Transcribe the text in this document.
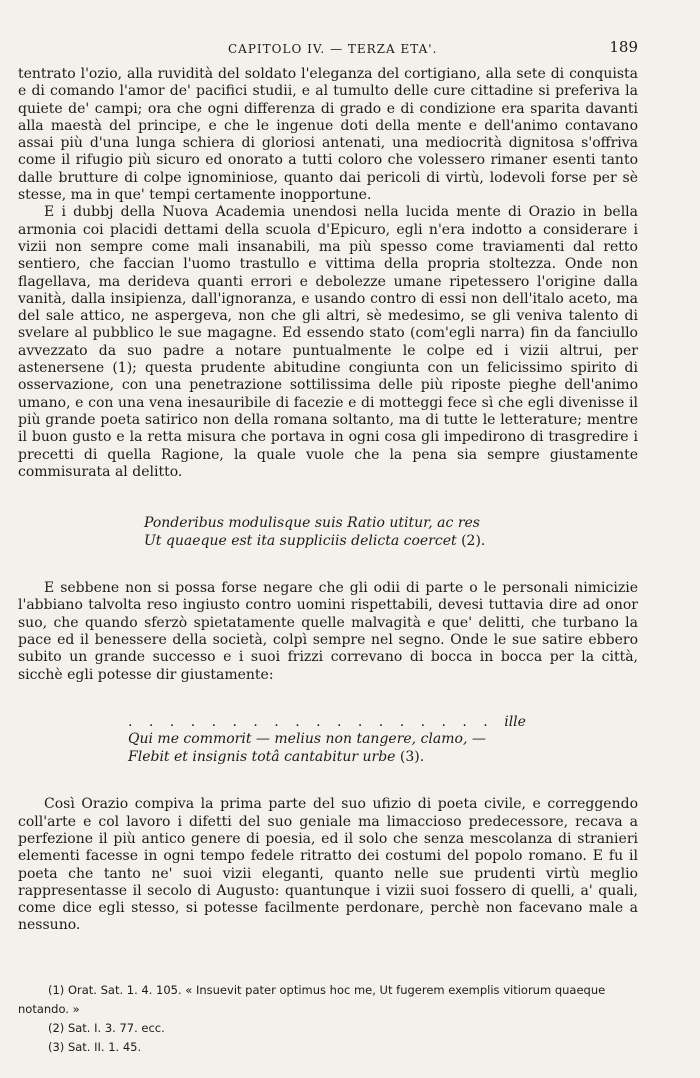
CAPITOLO IV. — TERZA ETA'.	189

tentrato l'ozio, alla ruvidità del soldato l'eleganza del cortigiano, alla sete di conquista e di comando l'amor de' pacifici studii, e al tumulto delle cure cittadine si preferiva la quiete de' campi; ora che ogni differenza di grado e di condizione era sparita davanti alla maestà del principe, e che le ingenue doti della mente e dell'animo contavano assai più d'una lunga schiera di gloriosi antenati, una mediocrità dignitosa s'offriva come il rifugio più sicuro ed onorato a tutti coloro che volessero rimaner esenti tanto dalle brutture di colpe ignominiose, quanto dai pericoli di virtù, lodevoli forse per sè stesse, ma in que' tempi certamente inopportune.

E i dubbj della Nuova Academia unendosi nella lucida mente di Orazio in bella armonia coi placidi dettami della scuola d'Epicuro, egli n'era indotto a considerare i vizii non sempre come mali insanabili, ma più spesso come traviamenti dal retto sentiero, che faccian l'uomo trastullo e vittima della propria stoltezza. Onde non flagellava, ma derideva quanti errori e debolezze umane ripetessero l'origine dalla vanità, dalla insipienza, dall'ignoranza, e usando contro di essi non dell'italo aceto, ma del sale attico, ne aspergeva, non che gli altri, sè medesimo, se gli veniva talento di svelare al pubblico le sue magagne. Ed essendo stato (com'egli narra) fin da fanciullo avvezzato da suo padre a notare puntualmente le colpe ed i vizii altrui, per astenersene (1); questa prudente abitudine congiunta con un felicissimo spirito di osservazione, con una penetrazione sottilissima delle più riposte pieghe dell'animo umano, e con una vena inesauribile di facezie e di motteggi fece sì che egli divenisse il più grande poeta satirico non della romana soltanto, ma di tutte le letterature; mentre il buon gusto e la retta misura che portava in ogni cosa gli impedirono di trasgredire i precetti di quella Ragione, la quale vuole che la pena sia sempre giustamente commisurata al delitto.

Ponderibus modulisque suis Ratio utitur, ac res

Ut quaeque est ita suppliciis delicta coercet (2).

E sebbene non si possa forse negare che gli odii di parte o le personali nimicizie l'abbiano talvolta reso ingiusto contro uomini rispettabili, devesi tuttavia dire ad onor suo, che quando sferzò spietatamente quelle malvagità e que' delitti, che turbano la pace ed il benessere della società, colpì sempre nel segno. Onde le sue satire ebbero subito un grande successo e i suoi frizzi correvano di bocca in bocca per la città, sicchè egli potesse dir giustamente:

. . . . . . . . . . . . . . . . . . ille

Qui me commorit — melius non tangere, clamo, —

Flebit et insignis totâ cantabitur urbe (3).

Così Orazio compiva la prima parte del suo ufizio di poeta civile, e correggendo coll'arte e col lavoro i difetti del suo geniale ma limaccioso predecessore, recava a perfezione il più antico genere di poesia, ed il solo che senza mescolanza di stranieri elementi facesse in ogni tempo fedele ritratto dei costumi del popolo romano. E fu il poeta che tanto ne' suoi vizii eleganti, quanto nelle sue prudenti virtù meglio rappresentasse il secolo di Augusto: quantunque i vizii suoi fossero di quelli, a' quali, come dice egli stesso, si potesse facilmente perdonare, perchè non facevano male a nessuno.

(1) Orat. Sat. 1. 4. 105. « Insuevit pater optimus hoc me, Ut fugerem exemplis vitiorum quaeque notando. »

(2) Sat. I. 3. 77. ecc.

(3) Sat. II. 1. 45.
